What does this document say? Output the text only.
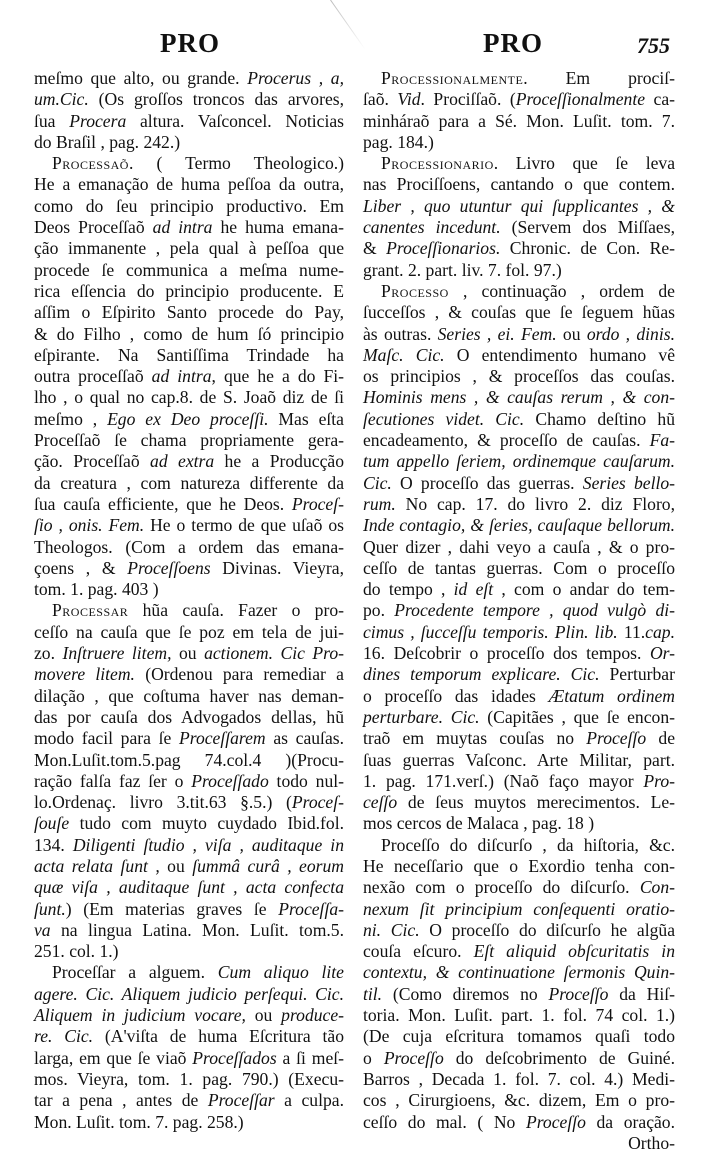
PRO	PRO	755
meſmo que alto, ou grande. Procerus , a,
um.Cic. (Os groſſos troncos das arvores,
ſua Procera altura. Vaſconcel. Noticias
do Braſil , pag. 242.)
Processaõ. ( Termo Theologico.)
He a emanação de huma peſſoa da outra,
como do ſeu principio productivo. Em
Deos Proceſſaõ ad intra he huma emana-
ção immanente , pela qual à peſſoa que
procede ſe communica a meſma nume-
rica eſſencia do principio producente. E
aſſim o Eſpirito Santo procede do Pay,
& do Filho , como de hum ſó principio
eſpirante. Na Santiſſima Trindade ha
outra proceſſaõ ad intra, que he a do Fi-
lho , o qual no cap.8. de S. Joaõ diz de ſi
meſmo , Ego ex Deo proceſſi. Mas eſta
Proceſſaõ ſe chama propriamente gera-
ção. Proceſſaõ ad extra he a Producção
da creatura , com natureza differente da
ſua cauſa efficiente, que he Deos. Proceſ-
ſio , onis. Fem. He o termo de que uſaõ os
Theologos. (Com a ordem das emana-
çoens , & Proceſſoens Divinas. Vieyra,
tom. 1. pag. 403 )
Processar hũa cauſa. Fazer o pro-
ceſſo na cauſa que ſe poz em tela de jui-
zo. Inſtruere litem, ou actionem. Cic Pro-
movere litem. (Ordenou para remediar a
dilação , que coſtuma haver nas deman-
das por cauſa dos Advogados dellas, hũ
modo facil para ſe Proceſſarem as cauſas.
Mon.Luſit.tom.5.pag 74.col.4 )(Procu-
ração falſa faz ſer o Proceſſado todo nul-
lo.Ordenaç. livro 3.tit.63 §.5.) (Proceſ-
ſouſe tudo com muyto cuydado Ibid.fol.
134. Diligenti ſtudio , viſa , auditaque in
acta relata ſunt , ou ſummâ curâ , eorum
quæ viſa , auditaque ſunt , acta confecta
ſunt.) (Em materias graves ſe Proceſſa-
va na lingua Latina. Mon. Luſit. tom.5.
251. col. 1.)
Proceſſar a alguem. Cum aliquo lite
agere. Cic. Aliquem judicio perſequi. Cic.
Aliquem in judicium vocare, ou produce-
re. Cic. (A'viſta de huma Eſcritura tão
larga, em que ſe viaõ Proceſſados a ſi meſ-
mos. Vieyra, tom. 1. pag. 790.) (Execu-
tar a pena , antes de Proceſſar a culpa.
Mon. Luſit. tom. 7. pag. 258.)
Processionalmente. Em prociſ-
ſaõ. Vid. Prociſſaõ. (Proceſſionalmente ca-
minháraõ para a Sé. Mon. Luſit. tom. 7.
pag. 184.)
Processionario. Livro que ſe leva
nas Prociſſoens, cantando o que contem.
Liber , quo utuntur qui ſupplicantes , &
canentes incedunt. (Servem dos Miſſaes,
& Proceſſionarios. Chronic. de Con. Re-
grant. 2. part. liv. 7. fol. 97.)
Processo , continuação , ordem de
ſucceſſos , & couſas que ſe ſeguem hũas
às outras. Series , ei. Fem. ou ordo , dinis.
Maſc. Cic. O entendimento humano vê
os principios , & proceſſos das couſas.
Hominis mens , & cauſas rerum , & con-
ſecutiones videt. Cic. Chamo deſtino hũ
encadeamento, & proceſſo de cauſas. Fa-
tum appello ſeriem, ordinemque cauſarum.
Cic. O proceſſo das guerras. Series bello-
rum. No cap. 17. do livro 2. diz Floro,
Inde contagio, & ſeries, cauſaque bellorum.
Quer dizer , dahi veyo a cauſa , & o pro-
ceſſo de tantas guerras. Com o proceſſo
do tempo , id eſt , com o andar do tem-
po. Procedente tempore , quod vulgò di-
cimus , ſucceſſu temporis. Plin. lib. 11.cap.
16. Deſcobrir o proceſſo dos tempos. Or-
dines temporum explicare. Cic. Perturbar
o proceſſo das idades Ætatum ordinem
perturbare. Cic. (Capitães , que ſe encon-
traõ em muytas couſas no Proceſſo de
ſuas guerras Vaſconc. Arte Militar, part.
1. pag. 171.verſ.) (Naõ faço mayor Pro-
ceſſo de ſeus muytos merecimentos. Le-
mos cercos de Malaca , pag. 18 )
Proceſſo do diſcurſo , da hiſtoria, &c.
He neceſſario que o Exordio tenha con-
nexão com o proceſſo do diſcurſo. Con-
nexum ſit principium conſequenti oratio-
ni. Cic. O proceſſo do diſcurſo he algũa
couſa eſcuro. Eſt aliquid obſcuritatis in
contextu, & continuatione ſermonis Quin-
til. (Como diremos no Proceſſo da Hiſ-
toria. Mon. Luſit. part. 1. fol. 74 col. 1.)
(De cuja eſcritura tomamos quaſi todo
o Proceſſo do deſcobrimento de Guiné.
Barros , Decada 1. fol. 7. col. 4.) Medi-
cos , Cirurgioens, &c. dizem, Em o pro-
ceſſo do mal. ( No Proceſſo da oração.
Ortho-
